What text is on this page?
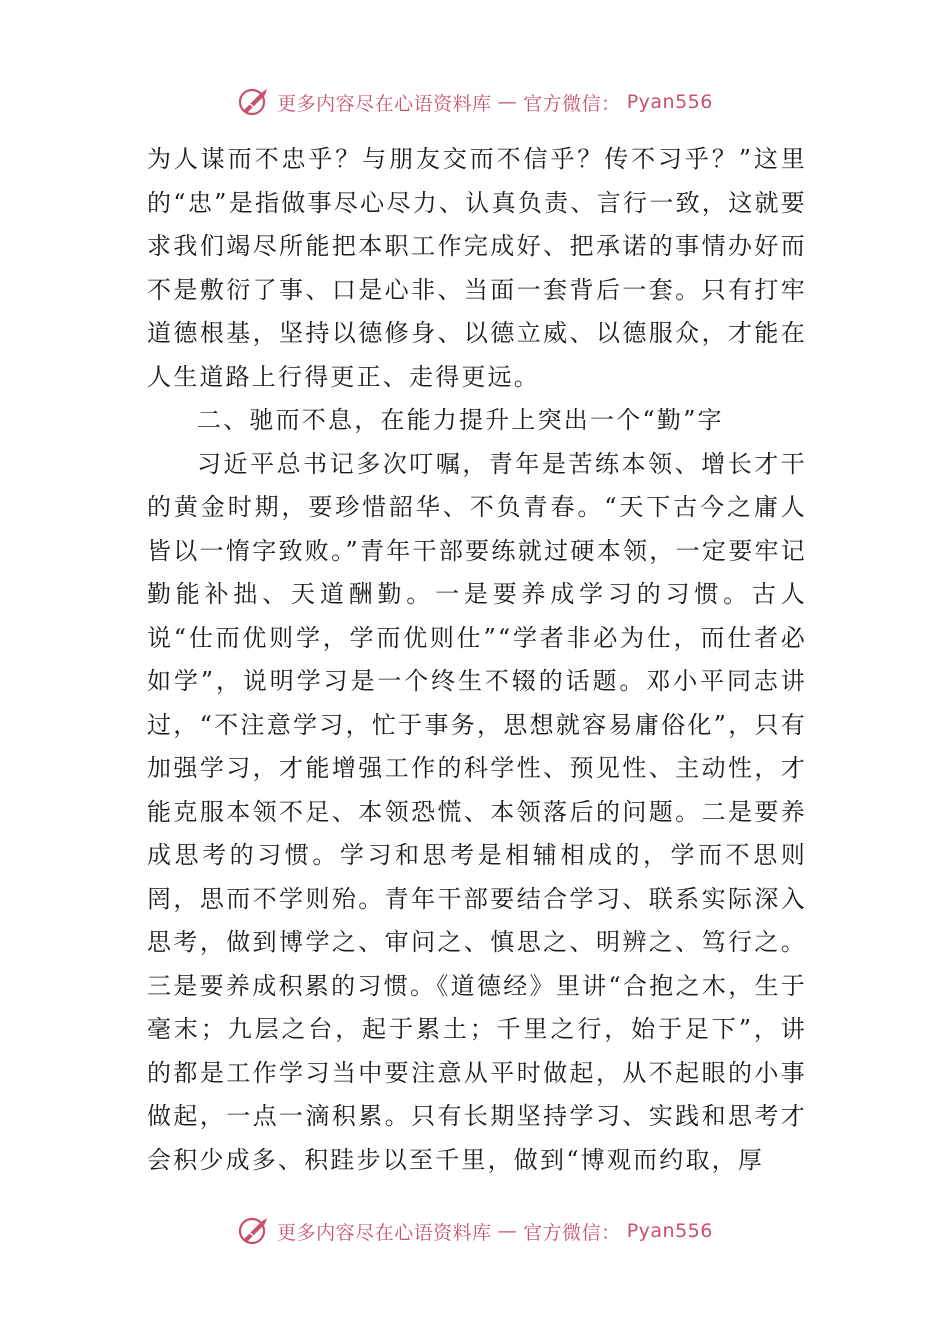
更多内容尽在心语资料库 — 官方微信： Pyan556

为人谋而不忠乎？与朋友交而不信乎？传不习乎？”这里的“忠”是指做事尽心尽力、认真负责、言行一致，这就要求我们竭尽所能把本职工作完成好、把承诺的事情办好而不是敷衍了事、口是心非、当面一套背后一套。只有打牢道德根基，坚持以德修身、以德立威、以德服众，才能在人生道路上行得更正、走得更远。

二、驰而不息，在能力提升上突出一个“勤”字

习近平总书记多次叮嘱，青年是苦练本领、增长才干的黄金时期，要珍惜韶华、不负青春。“天下古今之庸人皆以一惰字致败。”青年干部要练就过硬本领，一定要牢记勤能补拙、天道酬勤。一是要养成学习的习惯。古人说“仕而优则学，学而优则仕”“学者非必为仕，而仕者必如学”，说明学习是一个终生不辍的话题。邓小平同志讲过，“不注意学习，忙于事务，思想就容易庸俗化”，只有加强学习，才能增强工作的科学性、预见性、主动性，才能克服本领不足、本领恐慌、本领落后的问题。二是要养成思考的习惯。学习和思考是相辅相成的，学而不思则罔，思而不学则殆。青年干部要结合学习、联系实际深入思考，做到博学之、审问之、慎思之、明辨之、笃行之。三是要养成积累的习惯。《道德经》里讲“合抱之木，生于毫末；九层之台，起于累土；千里之行，始于足下”，讲的都是工作学习当中要注意从平时做起，从不起眼的小事做起，一点一滴积累。只有长期坚持学习、实践和思考才会积少成多、积跬步以至千里，做到“博观而约取，厚

更多内容尽在心语资料库 — 官方微信： Pyan556
